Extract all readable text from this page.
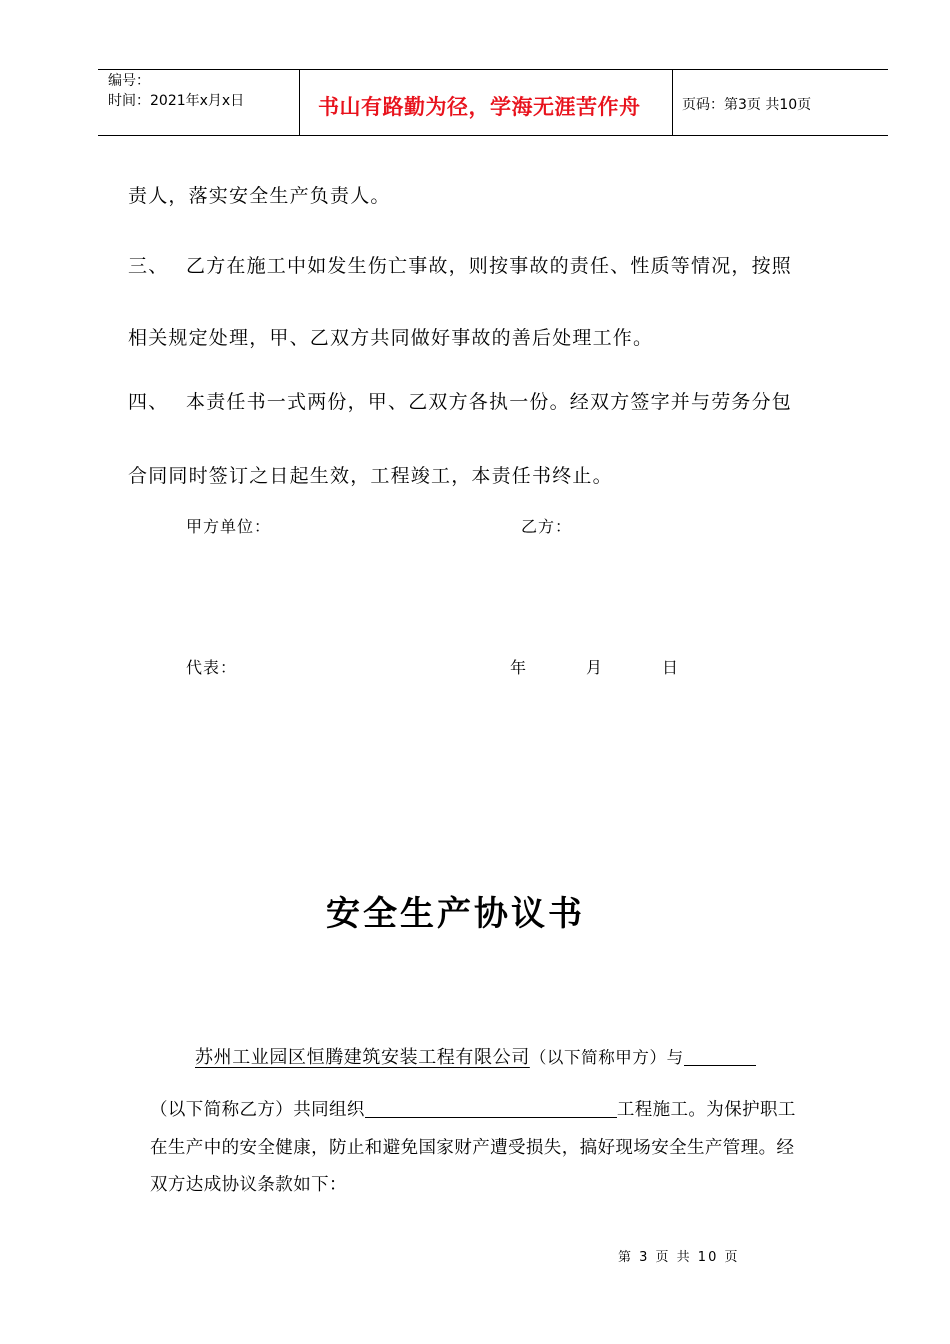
编号：
时间：2021年x月x日	书山有路勤为径，学海无涯苦作舟	页码：第3页 共10页
责人，落实安全生产负责人。
三、 乙方在施工中如发生伤亡事故，则按事故的责任、性质等情况，按照
相关规定处理，甲、乙双方共同做好事故的善后处理工作。
四、 本责任书一式两份，甲、乙双方各执一份。经双方签字并与劳务分包
合同同时签订之日起生效，工程竣工，本责任书终止。
甲方单位：	乙方：
代表：	年	月	日
安全生产协议书
苏州工业园区恒腾建筑安装工程有限公司（以下简称甲方）与
（以下简称乙方）共同组织	工程施工。为保护职工
在生产中的安全健康，防止和避免国家财产遭受损失，搞好现场安全生产管理。经
双方达成协议条款如下：
第 3 页 共 10 页
